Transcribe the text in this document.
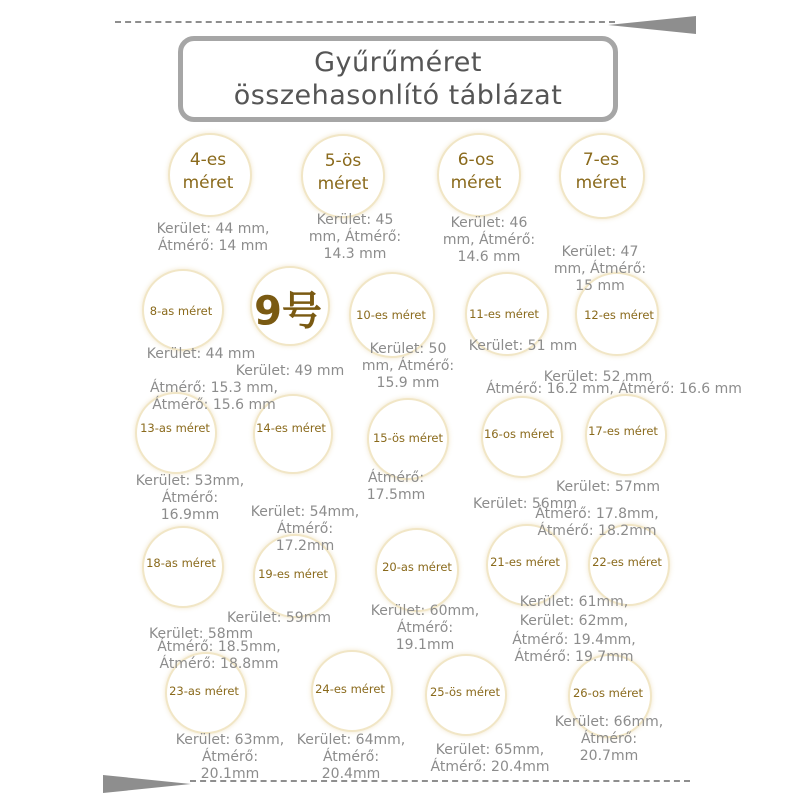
Gyűrűméret
összehasonlító táblázat
4-es
méret
5-ös
méret
6-os
méret
7-es
méret
8-as méret 9号	10-es méret	11-es méret	12-es méret
13-as méret	14-es méret
15-ös méret	16-os méret	17-es méret
18-as méret
19-es méret	20-as méret	21-es méret	22-es méret
23-as méret	24-es méret	25-ös méret	26-os méret
Kerület: 44 mm,
Átmérő: 14 mm
Kerület: 45
mm, Átmérő:
14.3 mm
Kerület: 46
mm, Átmérő:
14.6 mm	Kerület: 47
mm, Átmérő:
15 mm
Kerület: 44 mm
Kerület: 49 mm
Átmérő: 15.3 mm,
Átmérő: 15.6 mm
Kerület: 50
mm, Átmérő:
15.9 mm
Kerület: 51 mm
Kerület: 52 mm
Átmérő: 16.2 mm, Átmérő: 16.6 mm
Kerület: 53mm,
Átmérő:
16.9mm	Kerület: 54mm,
Átmérő:
17.2mm
Átmérő:
17.5mm
Kerület: 56mm
Kerület: 57mm
Átmérő: 17.8mm,
Átmérő: 18.2mm
Kerület: 58mm
Kerület: 59mm
Átmérő: 18.5mm,
Átmérő: 18.8mm
Kerület: 60mm,
Átmérő:
19.1mm
Kerület: 61mm,
Kerület: 62mm,
Átmérő: 19.4mm,
Átmérő: 19.7mm
Kerület: 63mm,
Átmérő:
20.1mm
Kerület: 64mm,
Átmérő:
20.4mm
Kerület: 65mm,
Átmérő: 20.4mm
Kerület: 66mm,
Átmérő:
20.7mm
